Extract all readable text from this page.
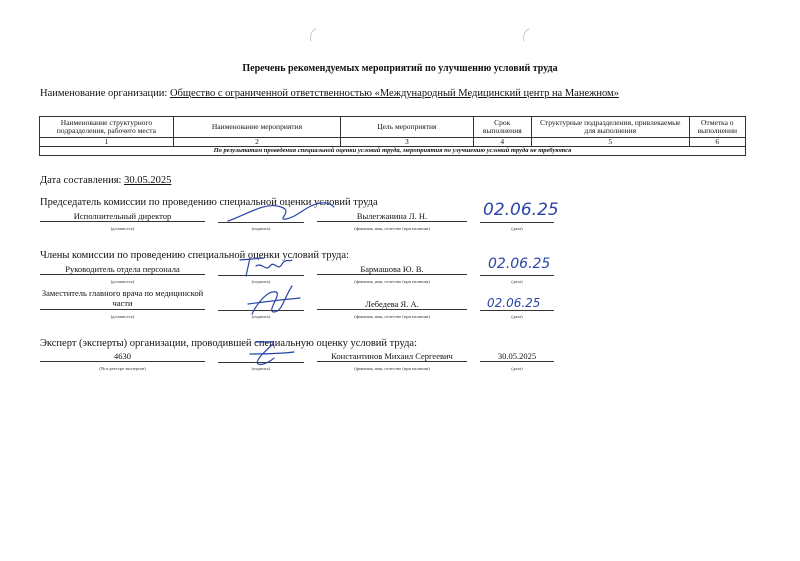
Перечень рекомендуемых мероприятий по улучшению условий труда
Наименование организации: Общество с ограниченной ответственностью «Международный Медицинский центр на Манежном»
Наименование структурного подразделения, рабочего места	Наименование мероприятия	Цель мероприятия	Срок выполнения	Структурные подразделения, привлекаемые для выполнения	Отметка о выполнении
1	2	3	4	5	6
По результатам проведения специальной оценки условий труда, мероприятия по улучшению условий труда не требуются					
Дата составления: 30.05.2025
Председатель комиссии по проведению специальной оценки условий труда
Исполнительный директор	Вылегжанина Л. Н.	02.06.25
(должность)	(подпись)	(фамилия, имя, отчество (при наличии)	(дата)
Члены комиссии по проведению специальной оценки условий труда:
Руководитель отдела персонала	Бармашова Ю. В.	02.06.25
(должность)	(подпись)	(фамилия, имя, отчество (при наличии)	(дата)
Заместитель главного врача по медицинской части	Лебедева Я. А.	02.06.25
(должность)	(подпись)	(фамилия, имя, отчество (при наличии)	(дата)
Эксперт (эксперты) организации, проводившей специальную оценку условий труда:
4630	Константинов Михаил Сергеевич	30.05.2025
(№ в реестре экспертов)	(подпись)	(фамилия, имя, отчество (при наличии)	(дата)
